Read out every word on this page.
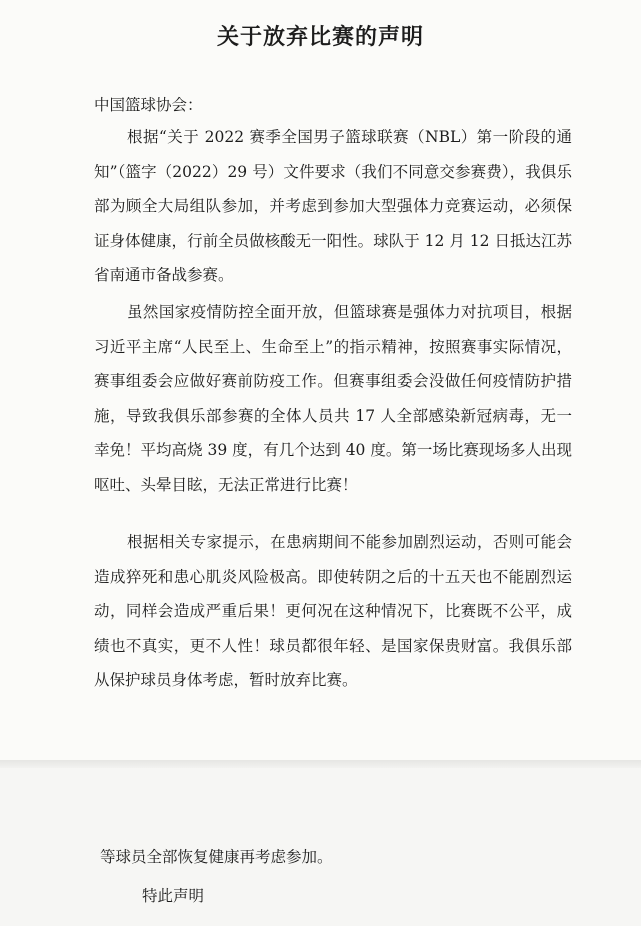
关于放弃比赛的声明
中国篮球协会：

根据“关于 2022 赛季全国男子篮球联赛（NBL）第一阶段的通知”（篮字（2022）29 号）文件要求（我们不同意交参赛费），我俱乐部为顾全大局组队参加，并考虑到参加大型强体力竞赛运动，必须保证身体健康，行前全员做核酸无一阳性。球队于 12 月 12 日抵达江苏省南通市备战参赛。

虽然国家疫情防控全面开放，但篮球赛是强体力对抗项目，根据习近平主席“人民至上、生命至上”的指示精神，按照赛事实际情况，赛事组委会应做好赛前防疫工作。但赛事组委会没做任何疫情防护措施，导致我俱乐部参赛的全体人员共 17 人全部感染新冠病毒，无一幸免！平均高烧 39 度，有几个达到 40 度。第一场比赛现场多人出现呕吐、头晕目眩，无法正常进行比赛！

根据相关专家提示，在患病期间不能参加剧烈运动，否则可能会造成猝死和患心肌炎风险极高。即使转阴之后的十五天也不能剧烈运动，同样会造成严重后果！更何况在这种情况下，比赛既不公平，成绩也不真实，更不人性！球员都很年轻、是国家保贵财富。我俱乐部从保护球员身体考虑，暂时放弃比赛。

等球员全部恢复健康再考虑参加。

特此声明
